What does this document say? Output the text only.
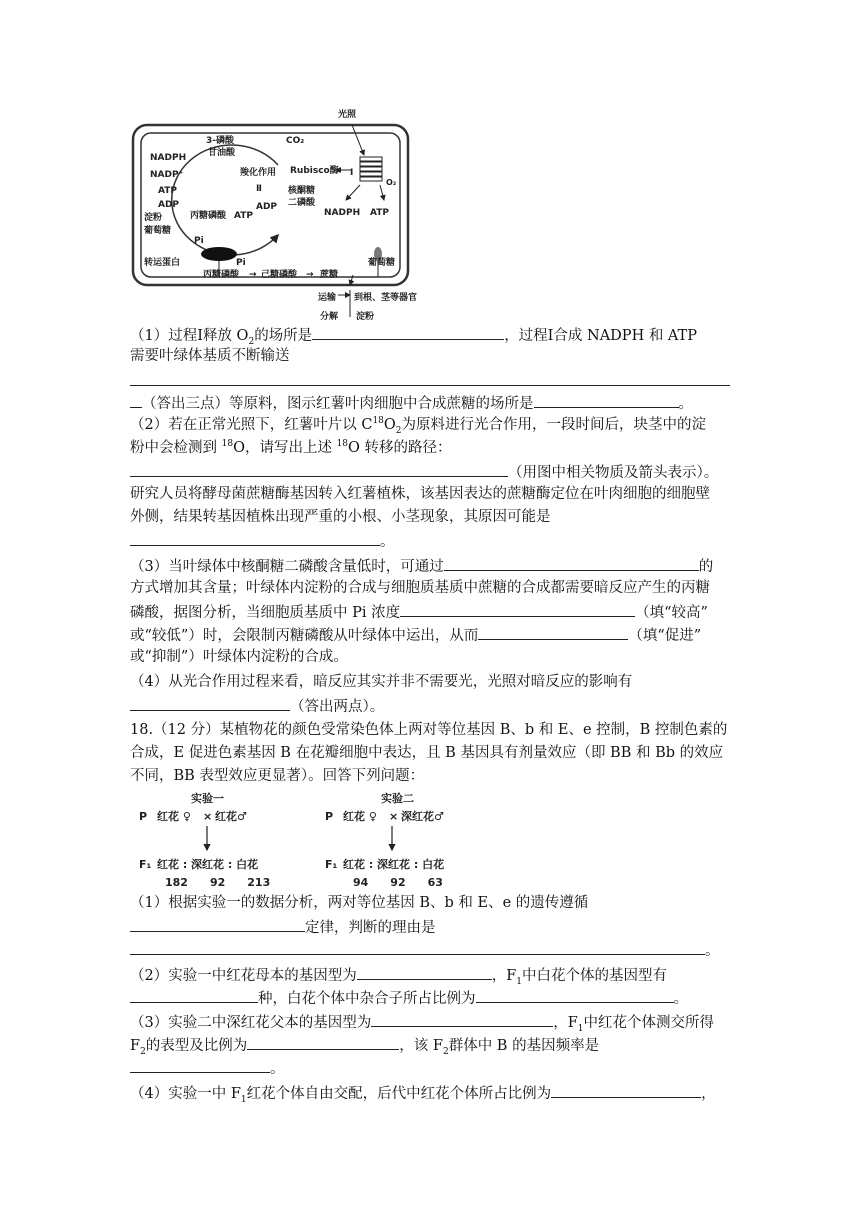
光照
3-磷酸
甘油酸
CO₂
NADPH
NADP⁺
ATP
ADP
淀粉
葡萄糖
Pi
羧化作用
Ⅱ
Rubisco酶 Ⅰ
O₂
NADPH ATP
核酮糖
二磷酸
ADP
丙糖磷酸 ATP
转运蛋白	Pi
丙糖磷酸 → 己糖磷酸 → 蔗糖
葡萄糖
运输 到根、茎等器官
分解 淀粉
（1）过程Ⅰ释放 $O_2$的场所是	，过程Ⅰ合成 NADPH 和 ATP
需要叶绿体基质不断输送
（答出三点）等原料，图示红薯叶肉细胞中合成蔗糖的场所是	。
（2）若在正常光照下，红薯叶片以 $C^{18}O_2$为原料进行光合作用，一段时间后，块茎中的淀
粉中会检测到 $^{18}$O，请写出上述 $^{18}$O 转移的路径：
（用图中相关物质及箭头表示）。
研究人员将酵母菌蔗糖酶基因转入红薯植株，该基因表达的蔗糖酶定位在叶肉细胞的细胞壁
外侧，结果转基因植株出现严重的小根、小茎现象，其原因可能是
。
（3）当叶绿体中核酮糖二磷酸含量低时，可通过	的
方式增加其含量；叶绿体内淀粉的合成与细胞质基质中蔗糖的合成都需要暗反应产生的丙糖
磷酸，据图分析，当细胞质基质中 Pi 浓度	（填“较高”
或“较低”）时，会限制丙糖磷酸从叶绿体中运出，从而	（填“促进”
或“抑制”）叶绿体内淀粉的合成。
（4）从光合作用过程来看，暗反应其实并非不需要光，光照对暗反应的影响有
（答出两点）。
18.（12 分）某植物花的颜色受常染色体上两对等位基因 B、b 和 E、e 控制，B 控制色素的
合成，E 促进色素基因 B 在花瓣细胞中表达，且 B 基因具有剂量效应（即 BB 和 Bb 的效应
不同，BB 表型效应更显著）。回答下列问题：
实验一
P 红花 ♀ × 红花♂
F₁ 红花 : 深红花 : 白花
182　　92　　213
实验二
P 红花 ♀ × 深红花♂
F₁ 红花 : 深红花 : 白花
94　　92　　63
（1）根据实验一的数据分析，两对等位基因 B、b 和 E、e 的遗传遵循
定律，判断的理由是
。
（2）实验一中红花母本的基因型为	，$F_1$中白花个体的基因型有
种，白花个体中杂合子所占比例为	。
（3）实验二中深红花父本的基因型为	，$F_1$中红花个体测交所得
$F_2$的表型及比例为	，该 $F_2$群体中 B 的基因频率是
。
（4）实验一中 $F_1$红花个体自由交配，后代中红花个体所占比例为	，
